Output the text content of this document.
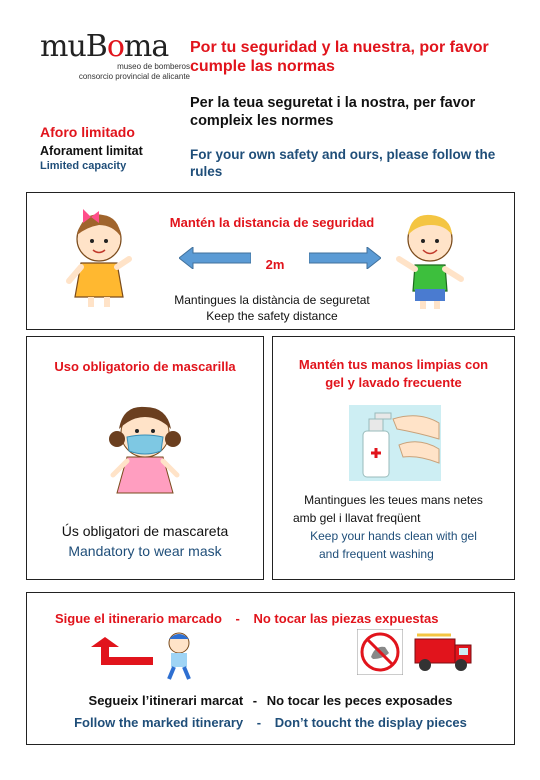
muBoma
museo de bomberos
consorcio provincial de alicante
Por tu seguridad y la nuestra, por favor cumple las normas
Per la teua seguretat i la nostra, per favor compleix les normes
For your own safety and ours, please follow the rules
Aforo limitado
Aforament limitat
Limited capacity
Mantén la distancia de seguridad
2m
Mantingues la distància de seguretat
Keep the safety distance
Uso obligatorio de mascarilla
Ús obligatori de mascareta
Mandatory to wear mask
Mantén tus manos limpias con
gel y lavado frecuente
Mantingues les teues mans netes
amb gel i llavat freqüent
Keep your hands clean with gel
and frequent washing
Sigue el itinerario marcado - No tocar las piezas expuestas
Segueix l’itinerari marcat - No tocar les peces exposades
Follow the marked itinerary - Don’t toucht the display pieces
